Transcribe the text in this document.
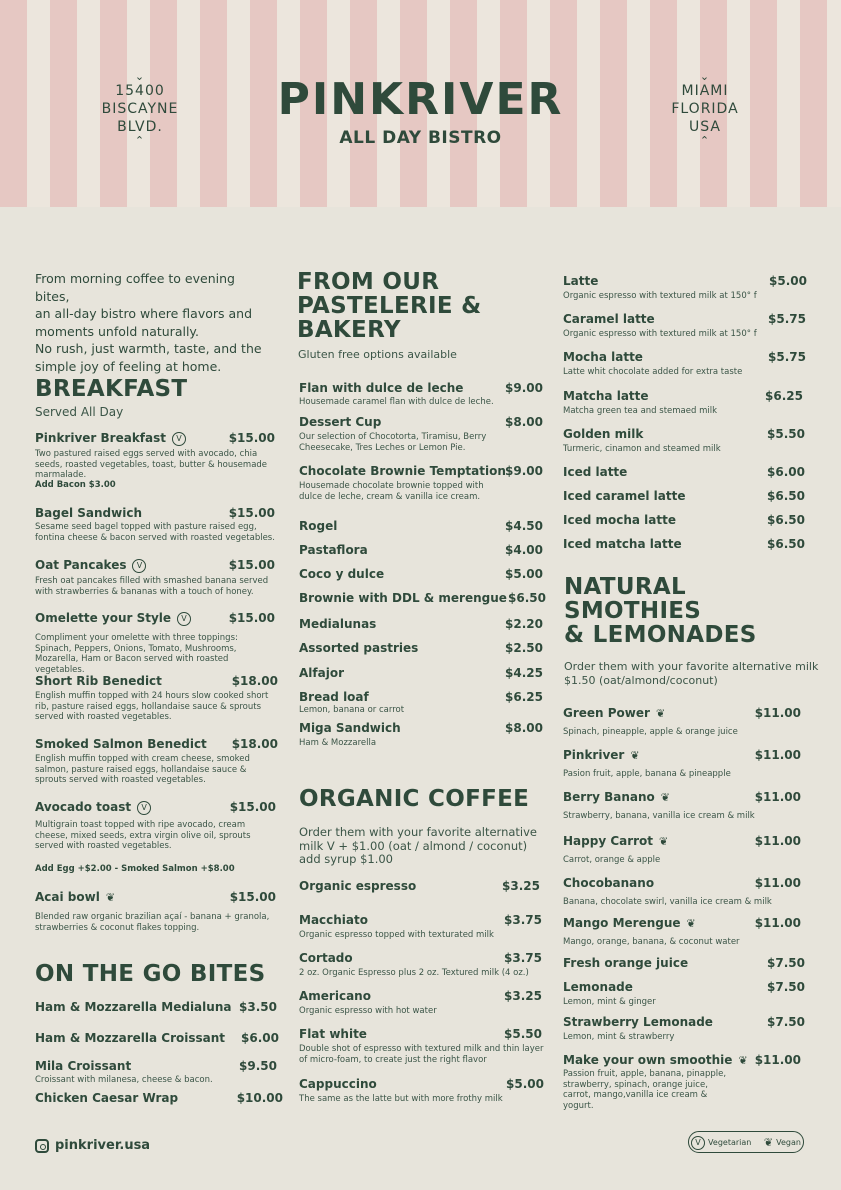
⌄
15400
BISCAYNE
BLVD.
⌃
PINKRIVER
ALL DAY BISTRO
⌄
MIAMI
FLORIDA
USA
⌃
From morning coffee to evening bites,
an all-day bistro where flavors and
moments unfold naturally.
No rush, just warmth, taste, and the
simple joy of feeling at home.
BREAKFAST
Served All Day
Pinkriver Breakfast V	$15.00
Two pastured raised eggs served with avocado, chia seeds, roasted vegetables, toast, butter & housemade marmalade.
Add Bacon $3.00
Bagel Sandwich	$15.00
Sesame seed bagel topped with pasture raised egg, fontina cheese & bacon served with roasted vegetables.
Oat Pancakes V	$15.00
Fresh oat pancakes filled with smashed banana served with strawberries & bananas with a touch of honey.
Omelette your Style V	$15.00
Compliment your omelette with three toppings: Spinach, Peppers, Onions, Tomato, Mushrooms, Mozarella, Ham or Bacon served with roasted vegetables.
Short Rib Benedict	$18.00
English muffin topped with 24 hours slow cooked short rib, pasture raised eggs, hollandaise sauce & sprouts served with roasted vegetables.
Smoked Salmon Benedict $18.00
English muffin topped with cream cheese, smoked salmon, pasture raised eggs, hollandaise sauce & sprouts served with roasted vegetables.
Avocado toast V	$15.00
Multigrain toast topped with ripe avocado, cream cheese, mixed seeds, extra virgin olive oil, sprouts served with roasted vegetables.
Add Egg +$2.00 - Smoked Salmon +$8.00
Acai bowl ❦	$15.00
Blended raw organic brazilian açaí - banana + granola, strawberries & coconut flakes topping.
ON THE GO BITES
Ham & Mozzarella Medialuna $3.50
Ham & Mozzarella Croissant $6.00
Mila Croissant	$9.50
Croissant with milanesa, cheese & bacon.
Chicken Caesar Wrap	$10.00
FROM OUR
PASTELERIE &
BAKERY
Gluten free options available
Flan with dulce de leche	$9.00
Housemade caramel flan with dulce de leche.
Dessert Cup	$8.00
Our selection of Chocotorta, Tiramisu, Berry Cheesecake, Tres Leches or Lemon Pie.
Chocolate Brownie Temptation $9.00
Housemade chocolate brownie topped with dulce de leche, cream & vanilla ice cream.
Rogel	$4.50
Pastaflora	$4.00
Coco y dulce	$5.00
Brownie with DDL & merengue $6.50
Medialunas	$2.20
Assorted pastries	$2.50
Alfajor	$4.25
Bread loaf	$6.25
Lemon, banana or carrot
Miga Sandwich	$8.00
Ham & Mozzarella
ORGANIC COFFEE
Order them with your favorite alternative
milk V + $1.00 (oat / almond / coconut)
add syrup $1.00
Organic espresso	$3.25
Macchiato	$3.75
Organic espresso topped with texturated milk
Cortado	$3.75
2 oz. Organic Espresso plus 2 oz. Textured milk (4 oz.)
Americano	$3.25
Organic espresso with hot water
Flat white	$5.50
Double shot of espresso with textured milk and thin layer of micro-foam, to create just the right flavor
Cappuccino	$5.00
The same as the latte but with more frothy milk
Latte	$5.00
Organic espresso with textured milk at 150° f
Caramel latte	$5.75
Organic espresso with textured milk at 150° f
Mocha latte	$5.75
Latte whit chocolate added for extra taste
Matcha latte	$6.25
Matcha green tea and stemaed milk
Golden milk	$5.50
Turmeric, cinamon and steamed milk
Iced latte	$6.00
Iced caramel latte	$6.50
Iced mocha latte	$6.50
Iced matcha latte	$6.50
NATURAL
SMOTHIES
& LEMONADES
Order them with your favorite alternative milk
$1.50 (oat/almond/coconut)
Green Power ❦	$11.00
Spinach, pineapple, apple & orange juice
Pinkriver ❦	$11.00
Pasion fruit, apple, banana & pineapple
Berry Banano ❦	$11.00
Strawberry, banana, vanilla ice cream & milk
Happy Carrot ❦	$11.00
Carrot, orange & apple
Chocobanano	$11.00
Banana, chocolate swirl, vanilla ice cream & milk
Mango Merengue ❦	$11.00
Mango, orange, banana, & coconut water
Fresh orange juice	$7.50
Lemonade	$7.50
Lemon, mint & ginger
Strawberry Lemonade	$7.50
Lemon, mint & strawberry
Make your own smoothie ❦ $11.00
Passion fruit, apple, banana, pinapple, strawberry, spinach, orange juice, carrot, mango,vanilla ice cream & yogurt.
pinkriver.usa	V Vegetarian ❦ Vegan
